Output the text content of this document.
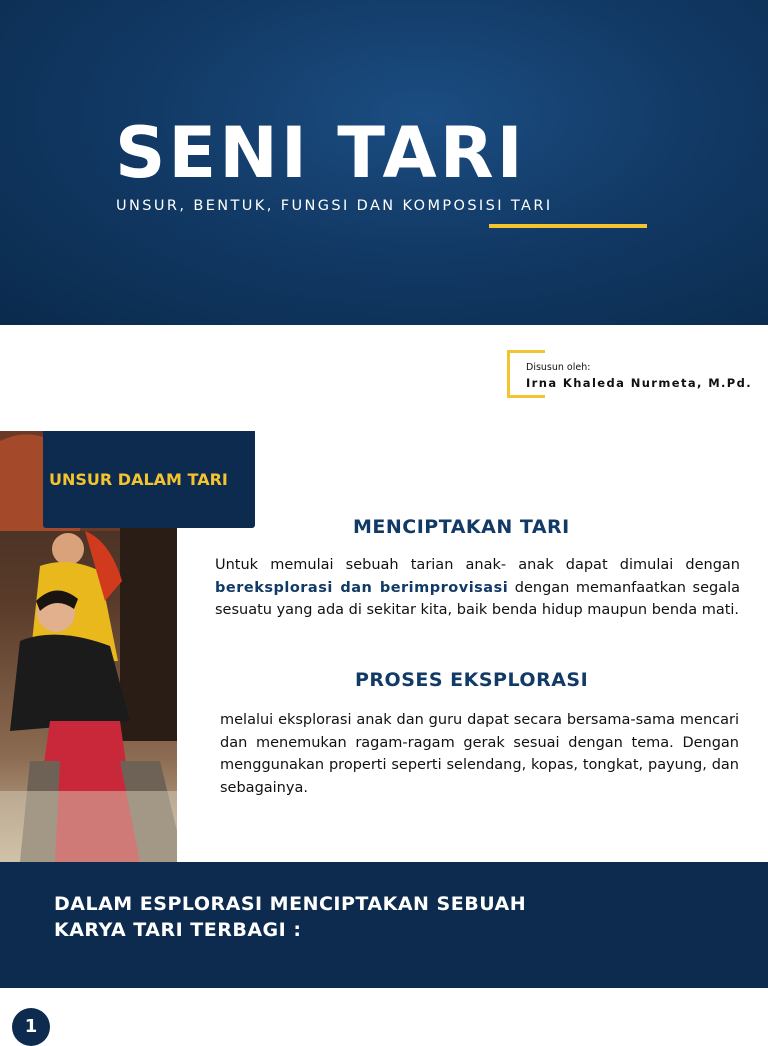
SENI TARI
UNSUR, BENTUK, FUNGSI DAN KOMPOSISI TARI
Disusun oleh:
Irna Khaleda Nurmeta, M.Pd.
UNSUR DALAM TARI
MENCIPTAKAN TARI

Untuk memulai sebuah tarian anak- anak dapat dimulai dengan bereksplorasi dan berimprovisasi dengan memanfaatkan segala sesuatu yang ada di sekitar kita, baik benda hidup maupun benda mati.

PROSES EKSPLORASI

melalui eksplorasi anak dan guru dapat secara bersama-sama mencari dan menemukan ragam-ragam gerak sesuai dengan tema. Dengan menggunakan properti seperti selendang, kopas, tongkat, payung, dan sebagainya.

DALAM ESPLORASI MENCIPTAKAN SEBUAH
KARYA TARI TERBAGI :

1
